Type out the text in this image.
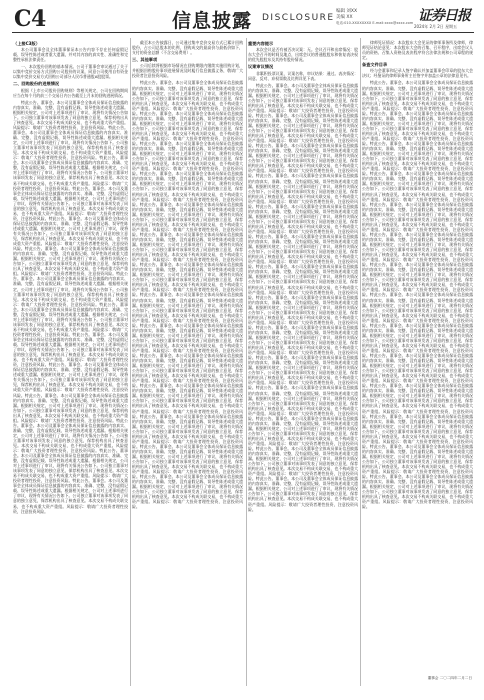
C4	信息披露 DISCLOSURE
编辑 刘XX
美编 XX
电话:010-XXXXXXXX E-mail:xxxx@xxxx.com 证券日报
2024年 2月 2日 星期五
（上接C3版）
本公司董事会及全体董事保证本公告内容不存在任何虚假记载、误导性陈述或者重大遗漏，并对其内容的真实性、准确性和完整性承担法律责任。
一、本次股份回购的基本情况。公司于董事会审议通过了关于以集中竞价交易方式回购公司股份的议案，同意公司使用自有资金以集中竞价交易方式回购公司部分人民币普通股A股股票。
二、回购股份的进展情况
根据《上市公司股份回购规则》等相关规定，公司在回购期间应当在每个月的前三个交易日内公告截至上月末的回购进展情况。
特此公告。董事会。本公司及董事会全体成员保证信息披露的内容真实、准确、完整，没有虚假记载、误导性陈述或重大遗漏。根据相关规定，公司对上述事项进行了审议，现将有关情况公告如下。公司独立董事对该事项发表了同意的独立意见，保荐机构出具了核查意见。本次交易不构成关联交易，也不构成重大资产重组。风险提示：敬请广大投资者理性投资，注意投资风险。特此公告。董事会。本公司及董事会全体成员保证信息披露的内容真实、准确、完整，没有虚假记载、误导性陈述或重大遗漏。根据相关规定，公司对上述事项进行了审议，现将有关情况公告如下。公司独立董事对该事项发表了同意的独立意见，保荐机构出具了核查意见。本次交易不构成关联交易，也不构成重大资产重组。风险提示：敬请广大投资者理性投资，注意投资风险。特此公告。董事会。本公司及董事会全体成员保证信息披露的内容真实、准确、完整，没有虚假记载、误导性陈述或重大遗漏。根据相关规定，公司对上述事项进行了审议，现将有关情况公告如下。公司独立董事对该事项发表了同意的独立意见，保荐机构出具了核查意见。本次交易不构成关联交易，也不构成重大资产重组。风险提示：敬请广大投资者理性投资，注意投资风险。特此公告。董事会。本公司及董事会全体成员保证信息披露的内容真实、准确、完整，没有虚假记载、误导性陈述或重大遗漏。根据相关规定，公司对上述事项进行了审议，现将有关情况公告如下。公司独立董事对该事项发表了同意的独立意见，保荐机构出具了核查意见。本次交易不构成关联交易，也不构成重大资产重组。风险提示：敬请广大投资者理性投资，注意投资风险。特此公告。董事会。本公司及董事会全体成员保证信息披露的内容真实、准确、完整，没有虚假记载、误导性陈述或重大遗漏。根据相关规定，公司对上述事项进行了审议，现将有关情况公告如下。公司独立董事对该事项发表了同意的独立意见，保荐机构出具了核查意见。本次交易不构成关联交易，也不构成重大资产重组。风险提示：敬请广大投资者理性投资，注意投资风险。特此公告。董事会。本公司及董事会全体成员保证信息披露的内容真实、准确、完整，没有虚假记载、误导性陈述或重大遗漏。根据相关规定，公司对上述事项进行了审议，现将有关情况公告如下。公司独立董事对该事项发表了同意的独立意见，保荐机构出具了核查意见。本次交易不构成关联交易，也不构成重大资产重组。风险提示：敬请广大投资者理性投资，注意投资风险。特此公告。董事会。本公司及董事会全体成员保证信息披露的内容真实、准确、完整，没有虚假记载、误导性陈述或重大遗漏。根据相关规定，公司对上述事项进行了审议，现将有关情况公告如下。公司独立董事对该事项发表了同意的独立意见，保荐机构出具了核查意见。本次交易不构成关联交易，也不构成重大资产重组。风险提示：敬请广大投资者理性投资，注意投资风险。特此公告。董事会。本公司及董事会全体成员保证信息披露的内容真实、准确、完整，没有虚假记载、误导性陈述或重大遗漏。根据相关规定，公司对上述事项进行了审议，现将有关情况公告如下。公司独立董事对该事项发表了同意的独立意见，保荐机构出具了核查意见。本次交易不构成关联交易，也不构成重大资产重组。风险提示：敬请广大投资者理性投资，注意投资风险。特此公告。董事会。本公司及董事会全体成员保证信息披露的内容真实、准确、完整，没有虚假记载、误导性陈述或重大遗漏。根据相关规定，公司对上述事项进行了审议，现将有关情况公告如下。公司独立董事对该事项发表了同意的独立意见，保荐机构出具了核查意见。本次交易不构成关联交易，也不构成重大资产重组。风险提示：敬请广大投资者理性投资，注意投资风险。特此公告。董事会。本公司及董事会全体成员保证信息披露的内容真实、准确、完整，没有虚假记载、误导性陈述或重大遗漏。根据相关规定，公司对上述事项进行了审议，现将有关情况公告如下。公司独立董事对该事项发表了同意的独立意见，保荐机构出具了核查意见。本次交易不构成关联交易，也不构成重大资产重组。风险提示：敬请广大投资者理性投资，注意投资风险。特此公告。董事会。本公司及董事会全体成员保证信息披露的内容真实、准确、完整，没有虚假记载、误导性陈述或重大遗漏。根据相关规定，公司对上述事项进行了审议，现将有关情况公告如下。公司独立董事对该事项发表了同意的独立意见，保荐机构出具了核查意见。本次交易不构成关联交易，也不构成重大资产重组。风险提示：敬请广大投资者理性投资，注意投资风险。特此公告。董事会。本公司及董事会全体成员保证信息披露的内容真实、准确、完整，没有虚假记载、误导性陈述或重大遗漏。根据相关规定，公司对上述事项进行了审议，现将有关情况公告如下。公司独立董事对该事项发表了同意的独立意见，保荐机构出具了核查意见。本次交易不构成关联交易，也不构成重大资产重组。风险提示：敬请广大投资者理性投资，注意投资风险。特此公告。董事会。本公司及董事会全体成员保证信息披露的内容真实、准确、完整，没有虚假记载、误导性陈述或重大遗漏。根据相关规定，公司对上述事项进行了审议，现将有关情况公告如下。公司独立董事对该事项发表了同意的独立意见，保荐机构出具了核查意见。本次交易不构成关联交易，也不构成重大资产重组。风险提示：敬请广大投资者理性投资，注意投资风险。特此公告。董事会。本公司及董事会全体成员保证信息披露的内容真实、准确、完整，没有虚假记载、误导性陈述或重大遗漏。根据相关规定，公司对上述事项进行了审议，现将有关情况公告如下。公司独立董事对该事项发表了同意的独立意见，保荐机构出具了核查意见。本次交易不构成关联交易，也不构成重大资产重组。风险提示：敬请广大投资者理性投资，注意投资风险。
截至本公告披露日，公司通过集中竞价交易方式已累计回购股份，占公司总股本的比例，回购成交的最高价与最低价如下，支付的资金总额（不含交易费用）。
三、其他事项
公司后续将根据市场情况在回购期限内继续实施回购计划，并根据回购股份事项进展情况及时履行信息披露义务，敬请广大投资者注意投资风险。
特此公告。董事会。本公司及董事会全体成员保证信息披露的内容真实、准确、完整，没有虚假记载、误导性陈述或重大遗漏。根据相关规定，公司对上述事项进行了审议，现将有关情况公告如下。公司独立董事对该事项发表了同意的独立意见，保荐机构出具了核查意见。本次交易不构成关联交易，也不构成重大资产重组。风险提示：敬请广大投资者理性投资，注意投资风险。特此公告。董事会。本公司及董事会全体成员保证信息披露的内容真实、准确、完整，没有虚假记载、误导性陈述或重大遗漏。根据相关规定，公司对上述事项进行了审议，现将有关情况公告如下。公司独立董事对该事项发表了同意的独立意见，保荐机构出具了核查意见。本次交易不构成关联交易，也不构成重大资产重组。风险提示：敬请广大投资者理性投资，注意投资风险。特此公告。董事会。本公司及董事会全体成员保证信息披露的内容真实、准确、完整，没有虚假记载、误导性陈述或重大遗漏。根据相关规定，公司对上述事项进行了审议，现将有关情况公告如下。公司独立董事对该事项发表了同意的独立意见，保荐机构出具了核查意见。本次交易不构成关联交易，也不构成重大资产重组。风险提示：敬请广大投资者理性投资，注意投资风险。特此公告。董事会。本公司及董事会全体成员保证信息披露的内容真实、准确、完整，没有虚假记载、误导性陈述或重大遗漏。根据相关规定，公司对上述事项进行了审议，现将有关情况公告如下。公司独立董事对该事项发表了同意的独立意见，保荐机构出具了核查意见。本次交易不构成关联交易，也不构成重大资产重组。风险提示：敬请广大投资者理性投资，注意投资风险。特此公告。董事会。本公司及董事会全体成员保证信息披露的内容真实、准确、完整，没有虚假记载、误导性陈述或重大遗漏。根据相关规定，公司对上述事项进行了审议，现将有关情况公告如下。公司独立董事对该事项发表了同意的独立意见，保荐机构出具了核查意见。本次交易不构成关联交易，也不构成重大资产重组。风险提示：敬请广大投资者理性投资，注意投资风险。特此公告。董事会。本公司及董事会全体成员保证信息披露的内容真实、准确、完整，没有虚假记载、误导性陈述或重大遗漏。根据相关规定，公司对上述事项进行了审议，现将有关情况公告如下。公司独立董事对该事项发表了同意的独立意见，保荐机构出具了核查意见。本次交易不构成关联交易，也不构成重大资产重组。风险提示：敬请广大投资者理性投资，注意投资风险。特此公告。董事会。本公司及董事会全体成员保证信息披露的内容真实、准确、完整，没有虚假记载、误导性陈述或重大遗漏。根据相关规定，公司对上述事项进行了审议，现将有关情况公告如下。公司独立董事对该事项发表了同意的独立意见，保荐机构出具了核查意见。本次交易不构成关联交易，也不构成重大资产重组。风险提示：敬请广大投资者理性投资，注意投资风险。特此公告。董事会。本公司及董事会全体成员保证信息披露的内容真实、准确、完整，没有虚假记载、误导性陈述或重大遗漏。根据相关规定，公司对上述事项进行了审议，现将有关情况公告如下。公司独立董事对该事项发表了同意的独立意见，保荐机构出具了核查意见。本次交易不构成关联交易，也不构成重大资产重组。风险提示：敬请广大投资者理性投资，注意投资风险。特此公告。董事会。本公司及董事会全体成员保证信息披露的内容真实、准确、完整，没有虚假记载、误导性陈述或重大遗漏。根据相关规定，公司对上述事项进行了审议，现将有关情况公告如下。公司独立董事对该事项发表了同意的独立意见，保荐机构出具了核查意见。本次交易不构成关联交易，也不构成重大资产重组。风险提示：敬请广大投资者理性投资，注意投资风险。特此公告。董事会。本公司及董事会全体成员保证信息披露的内容真实、准确、完整，没有虚假记载、误导性陈述或重大遗漏。根据相关规定，公司对上述事项进行了审议，现将有关情况公告如下。公司独立董事对该事项发表了同意的独立意见，保荐机构出具了核查意见。本次交易不构成关联交易，也不构成重大资产重组。风险提示：敬请广大投资者理性投资，注意投资风险。特此公告。董事会。本公司及董事会全体成员保证信息披露的内容真实、准确、完整，没有虚假记载、误导性陈述或重大遗漏。根据相关规定，公司对上述事项进行了审议，现将有关情况公告如下。公司独立董事对该事项发表了同意的独立意见，保荐机构出具了核查意见。本次交易不构成关联交易，也不构成重大资产重组。风险提示：敬请广大投资者理性投资，注意投资风险。特此公告。董事会。本公司及董事会全体成员保证信息披露的内容真实、准确、完整，没有虚假记载、误导性陈述或重大遗漏。根据相关规定，公司对上述事项进行了审议，现将有关情况公告如下。公司独立董事对该事项发表了同意的独立意见，保荐机构出具了核查意见。本次交易不构成关联交易，也不构成重大资产重组。风险提示：敬请广大投资者理性投资，注意投资风险。特此公告。董事会。本公司及董事会全体成员保证信息披露的内容真实、准确、完整，没有虚假记载、误导性陈述或重大遗漏。根据相关规定，公司对上述事项进行了审议，现将有关情况公告如下。公司独立董事对该事项发表了同意的独立意见，保荐机构出具了核查意见。本次交易不构成关联交易，也不构成重大资产重组。风险提示：敬请广大投资者理性投资，注意投资风险。特此公告。董事会。本公司及董事会全体成员保证信息披露的内容真实、准确、完整，没有虚假记载、误导性陈述或重大遗漏。根据相关规定，公司对上述事项进行了审议，现将有关情况公告如下。公司独立董事对该事项发表了同意的独立意见，保荐机构出具了核查意见。本次交易不构成关联交易，也不构成重大资产重组。风险提示：敬请广大投资者理性投资，注意投资风险。
重要内容提示
本次会议是否有被否决议案：无。会议召开和出席情况：股东大会召开的时间及地点，出席会议的普通股股东和恢复表决权的优先股股东及其持有股份情况。
议案审议情况
非累积投票议案，议案名称，审议结果：通过。表决情况：同意、反对、弃权票数及比例详见下表。
特此公告。董事会。本公司及董事会全体成员保证信息披露的内容真实、准确、完整，没有虚假记载、误导性陈述或重大遗漏。根据相关规定，公司对上述事项进行了审议，现将有关情况公告如下。公司独立董事对该事项发表了同意的独立意见，保荐机构出具了核查意见。本次交易不构成关联交易，也不构成重大资产重组。风险提示：敬请广大投资者理性投资，注意投资风险。特此公告。董事会。本公司及董事会全体成员保证信息披露的内容真实、准确、完整，没有虚假记载、误导性陈述或重大遗漏。根据相关规定，公司对上述事项进行了审议，现将有关情况公告如下。公司独立董事对该事项发表了同意的独立意见，保荐机构出具了核查意见。本次交易不构成关联交易，也不构成重大资产重组。风险提示：敬请广大投资者理性投资，注意投资风险。特此公告。董事会。本公司及董事会全体成员保证信息披露的内容真实、准确、完整，没有虚假记载、误导性陈述或重大遗漏。根据相关规定，公司对上述事项进行了审议，现将有关情况公告如下。公司独立董事对该事项发表了同意的独立意见，保荐机构出具了核查意见。本次交易不构成关联交易，也不构成重大资产重组。风险提示：敬请广大投资者理性投资，注意投资风险。特此公告。董事会。本公司及董事会全体成员保证信息披露的内容真实、准确、完整，没有虚假记载、误导性陈述或重大遗漏。根据相关规定，公司对上述事项进行了审议，现将有关情况公告如下。公司独立董事对该事项发表了同意的独立意见，保荐机构出具了核查意见。本次交易不构成关联交易，也不构成重大资产重组。风险提示：敬请广大投资者理性投资，注意投资风险。特此公告。董事会。本公司及董事会全体成员保证信息披露的内容真实、准确、完整，没有虚假记载、误导性陈述或重大遗漏。根据相关规定，公司对上述事项进行了审议，现将有关情况公告如下。公司独立董事对该事项发表了同意的独立意见，保荐机构出具了核查意见。本次交易不构成关联交易，也不构成重大资产重组。风险提示：敬请广大投资者理性投资，注意投资风险。特此公告。董事会。本公司及董事会全体成员保证信息披露的内容真实、准确、完整，没有虚假记载、误导性陈述或重大遗漏。根据相关规定，公司对上述事项进行了审议，现将有关情况公告如下。公司独立董事对该事项发表了同意的独立意见，保荐机构出具了核查意见。本次交易不构成关联交易，也不构成重大资产重组。风险提示：敬请广大投资者理性投资，注意投资风险。特此公告。董事会。本公司及董事会全体成员保证信息披露的内容真实、准确、完整，没有虚假记载、误导性陈述或重大遗漏。根据相关规定，公司对上述事项进行了审议，现将有关情况公告如下。公司独立董事对该事项发表了同意的独立意见，保荐机构出具了核查意见。本次交易不构成关联交易，也不构成重大资产重组。风险提示：敬请广大投资者理性投资，注意投资风险。特此公告。董事会。本公司及董事会全体成员保证信息披露的内容真实、准确、完整，没有虚假记载、误导性陈述或重大遗漏。根据相关规定，公司对上述事项进行了审议，现将有关情况公告如下。公司独立董事对该事项发表了同意的独立意见，保荐机构出具了核查意见。本次交易不构成关联交易，也不构成重大资产重组。风险提示：敬请广大投资者理性投资，注意投资风险。特此公告。董事会。本公司及董事会全体成员保证信息披露的内容真实、准确、完整，没有虚假记载、误导性陈述或重大遗漏。根据相关规定，公司对上述事项进行了审议，现将有关情况公告如下。公司独立董事对该事项发表了同意的独立意见，保荐机构出具了核查意见。本次交易不构成关联交易，也不构成重大资产重组。风险提示：敬请广大投资者理性投资，注意投资风险。特此公告。董事会。本公司及董事会全体成员保证信息披露的内容真实、准确、完整，没有虚假记载、误导性陈述或重大遗漏。根据相关规定，公司对上述事项进行了审议，现将有关情况公告如下。公司独立董事对该事项发表了同意的独立意见，保荐机构出具了核查意见。本次交易不构成关联交易，也不构成重大资产重组。风险提示：敬请广大投资者理性投资，注意投资风险。特此公告。董事会。本公司及董事会全体成员保证信息披露的内容真实、准确、完整，没有虚假记载、误导性陈述或重大遗漏。根据相关规定，公司对上述事项进行了审议，现将有关情况公告如下。公司独立董事对该事项发表了同意的独立意见，保荐机构出具了核查意见。本次交易不构成关联交易，也不构成重大资产重组。风险提示：敬请广大投资者理性投资，注意投资风险。特此公告。董事会。本公司及董事会全体成员保证信息披露的内容真实、准确、完整，没有虚假记载、误导性陈述或重大遗漏。根据相关规定，公司对上述事项进行了审议，现将有关情况公告如下。公司独立董事对该事项发表了同意的独立意见，保荐机构出具了核查意见。本次交易不构成关联交易，也不构成重大资产重组。风险提示：敬请广大投资者理性投资，注意投资风险。特此公告。董事会。本公司及董事会全体成员保证信息披露的内容真实、准确、完整，没有虚假记载、误导性陈述或重大遗漏。根据相关规定，公司对上述事项进行了审议，现将有关情况公告如下。公司独立董事对该事项发表了同意的独立意见，保荐机构出具了核查意见。本次交易不构成关联交易，也不构成重大资产重组。风险提示：敬请广大投资者理性投资，注意投资风险。特此公告。董事会。本公司及董事会全体成员保证信息披露的内容真实、准确、完整，没有虚假记载、误导性陈述或重大遗漏。根据相关规定，公司对上述事项进行了审议，现将有关情况公告如下。公司独立董事对该事项发表了同意的独立意见，保荐机构出具了核查意见。本次交易不构成关联交易，也不构成重大资产重组。风险提示：敬请广大投资者理性投资，注意投资风险。
律师见证情况：本次股东大会见证的律师事务所及律师，律师见证结论意见：本次股东大会的召集、召开程序，出席会议人员的资格、召集人资格及表决程序符合法律法规和公司章程的规定。
备查文件目录
经与会董事和记录人签字确认并加盖董事会印章的股东大会决议；经鉴证的律师事务所主任签字并加盖公章的法律意见书。
特此公告。董事会。本公司及董事会全体成员保证信息披露的内容真实、准确、完整，没有虚假记载、误导性陈述或重大遗漏。根据相关规定，公司对上述事项进行了审议，现将有关情况公告如下。公司独立董事对该事项发表了同意的独立意见，保荐机构出具了核查意见。本次交易不构成关联交易，也不构成重大资产重组。风险提示：敬请广大投资者理性投资，注意投资风险。特此公告。董事会。本公司及董事会全体成员保证信息披露的内容真实、准确、完整，没有虚假记载、误导性陈述或重大遗漏。根据相关规定，公司对上述事项进行了审议，现将有关情况公告如下。公司独立董事对该事项发表了同意的独立意见，保荐机构出具了核查意见。本次交易不构成关联交易，也不构成重大资产重组。风险提示：敬请广大投资者理性投资，注意投资风险。特此公告。董事会。本公司及董事会全体成员保证信息披露的内容真实、准确、完整，没有虚假记载、误导性陈述或重大遗漏。根据相关规定，公司对上述事项进行了审议，现将有关情况公告如下。公司独立董事对该事项发表了同意的独立意见，保荐机构出具了核查意见。本次交易不构成关联交易，也不构成重大资产重组。风险提示：敬请广大投资者理性投资，注意投资风险。特此公告。董事会。本公司及董事会全体成员保证信息披露的内容真实、准确、完整，没有虚假记载、误导性陈述或重大遗漏。根据相关规定，公司对上述事项进行了审议，现将有关情况公告如下。公司独立董事对该事项发表了同意的独立意见，保荐机构出具了核查意见。本次交易不构成关联交易，也不构成重大资产重组。风险提示：敬请广大投资者理性投资，注意投资风险。特此公告。董事会。本公司及董事会全体成员保证信息披露的内容真实、准确、完整，没有虚假记载、误导性陈述或重大遗漏。根据相关规定，公司对上述事项进行了审议，现将有关情况公告如下。公司独立董事对该事项发表了同意的独立意见，保荐机构出具了核查意见。本次交易不构成关联交易，也不构成重大资产重组。风险提示：敬请广大投资者理性投资，注意投资风险。特此公告。董事会。本公司及董事会全体成员保证信息披露的内容真实、准确、完整，没有虚假记载、误导性陈述或重大遗漏。根据相关规定，公司对上述事项进行了审议，现将有关情况公告如下。公司独立董事对该事项发表了同意的独立意见，保荐机构出具了核查意见。本次交易不构成关联交易，也不构成重大资产重组。风险提示：敬请广大投资者理性投资，注意投资风险。特此公告。董事会。本公司及董事会全体成员保证信息披露的内容真实、准确、完整，没有虚假记载、误导性陈述或重大遗漏。根据相关规定，公司对上述事项进行了审议，现将有关情况公告如下。公司独立董事对该事项发表了同意的独立意见，保荐机构出具了核查意见。本次交易不构成关联交易，也不构成重大资产重组。风险提示：敬请广大投资者理性投资，注意投资风险。特此公告。董事会。本公司及董事会全体成员保证信息披露的内容真实、准确、完整，没有虚假记载、误导性陈述或重大遗漏。根据相关规定，公司对上述事项进行了审议，现将有关情况公告如下。公司独立董事对该事项发表了同意的独立意见，保荐机构出具了核查意见。本次交易不构成关联交易，也不构成重大资产重组。风险提示：敬请广大投资者理性投资，注意投资风险。特此公告。董事会。本公司及董事会全体成员保证信息披露的内容真实、准确、完整，没有虚假记载、误导性陈述或重大遗漏。根据相关规定，公司对上述事项进行了审议，现将有关情况公告如下。公司独立董事对该事项发表了同意的独立意见，保荐机构出具了核查意见。本次交易不构成关联交易，也不构成重大资产重组。风险提示：敬请广大投资者理性投资，注意投资风险。特此公告。董事会。本公司及董事会全体成员保证信息披露的内容真实、准确、完整，没有虚假记载、误导性陈述或重大遗漏。根据相关规定，公司对上述事项进行了审议，现将有关情况公告如下。公司独立董事对该事项发表了同意的独立意见，保荐机构出具了核查意见。本次交易不构成关联交易，也不构成重大资产重组。风险提示：敬请广大投资者理性投资，注意投资风险。特此公告。董事会。本公司及董事会全体成员保证信息披露的内容真实、准确、完整，没有虚假记载、误导性陈述或重大遗漏。根据相关规定，公司对上述事项进行了审议，现将有关情况公告如下。公司独立董事对该事项发表了同意的独立意见，保荐机构出具了核查意见。本次交易不构成关联交易，也不构成重大资产重组。风险提示：敬请广大投资者理性投资，注意投资风险。特此公告。董事会。本公司及董事会全体成员保证信息披露的内容真实、准确、完整，没有虚假记载、误导性陈述或重大遗漏。根据相关规定，公司对上述事项进行了审议，现将有关情况公告如下。公司独立董事对该事项发表了同意的独立意见，保荐机构出具了核查意见。本次交易不构成关联交易，也不构成重大资产重组。风险提示：敬请广大投资者理性投资，注意投资风险。特此公告。董事会。本公司及董事会全体成员保证信息披露的内容真实、准确、完整，没有虚假记载、误导性陈述或重大遗漏。根据相关规定，公司对上述事项进行了审议，现将有关情况公告如下。公司独立董事对该事项发表了同意的独立意见，保荐机构出具了核查意见。本次交易不构成关联交易，也不构成重大资产重组。风险提示：敬请广大投资者理性投资，注意投资风险。特此公告。董事会。本公司及董事会全体成员保证信息披露的内容真实、准确、完整，没有虚假记载、误导性陈述或重大遗漏。根据相关规定，公司对上述事项进行了审议，现将有关情况公告如下。公司独立董事对该事项发表了同意的独立意见，保荐机构出具了核查意见。本次交易不构成关联交易，也不构成重大资产重组。风险提示：敬请广大投资者理性投资，注意投资风险。
董事会 二〇二四年二月二日
